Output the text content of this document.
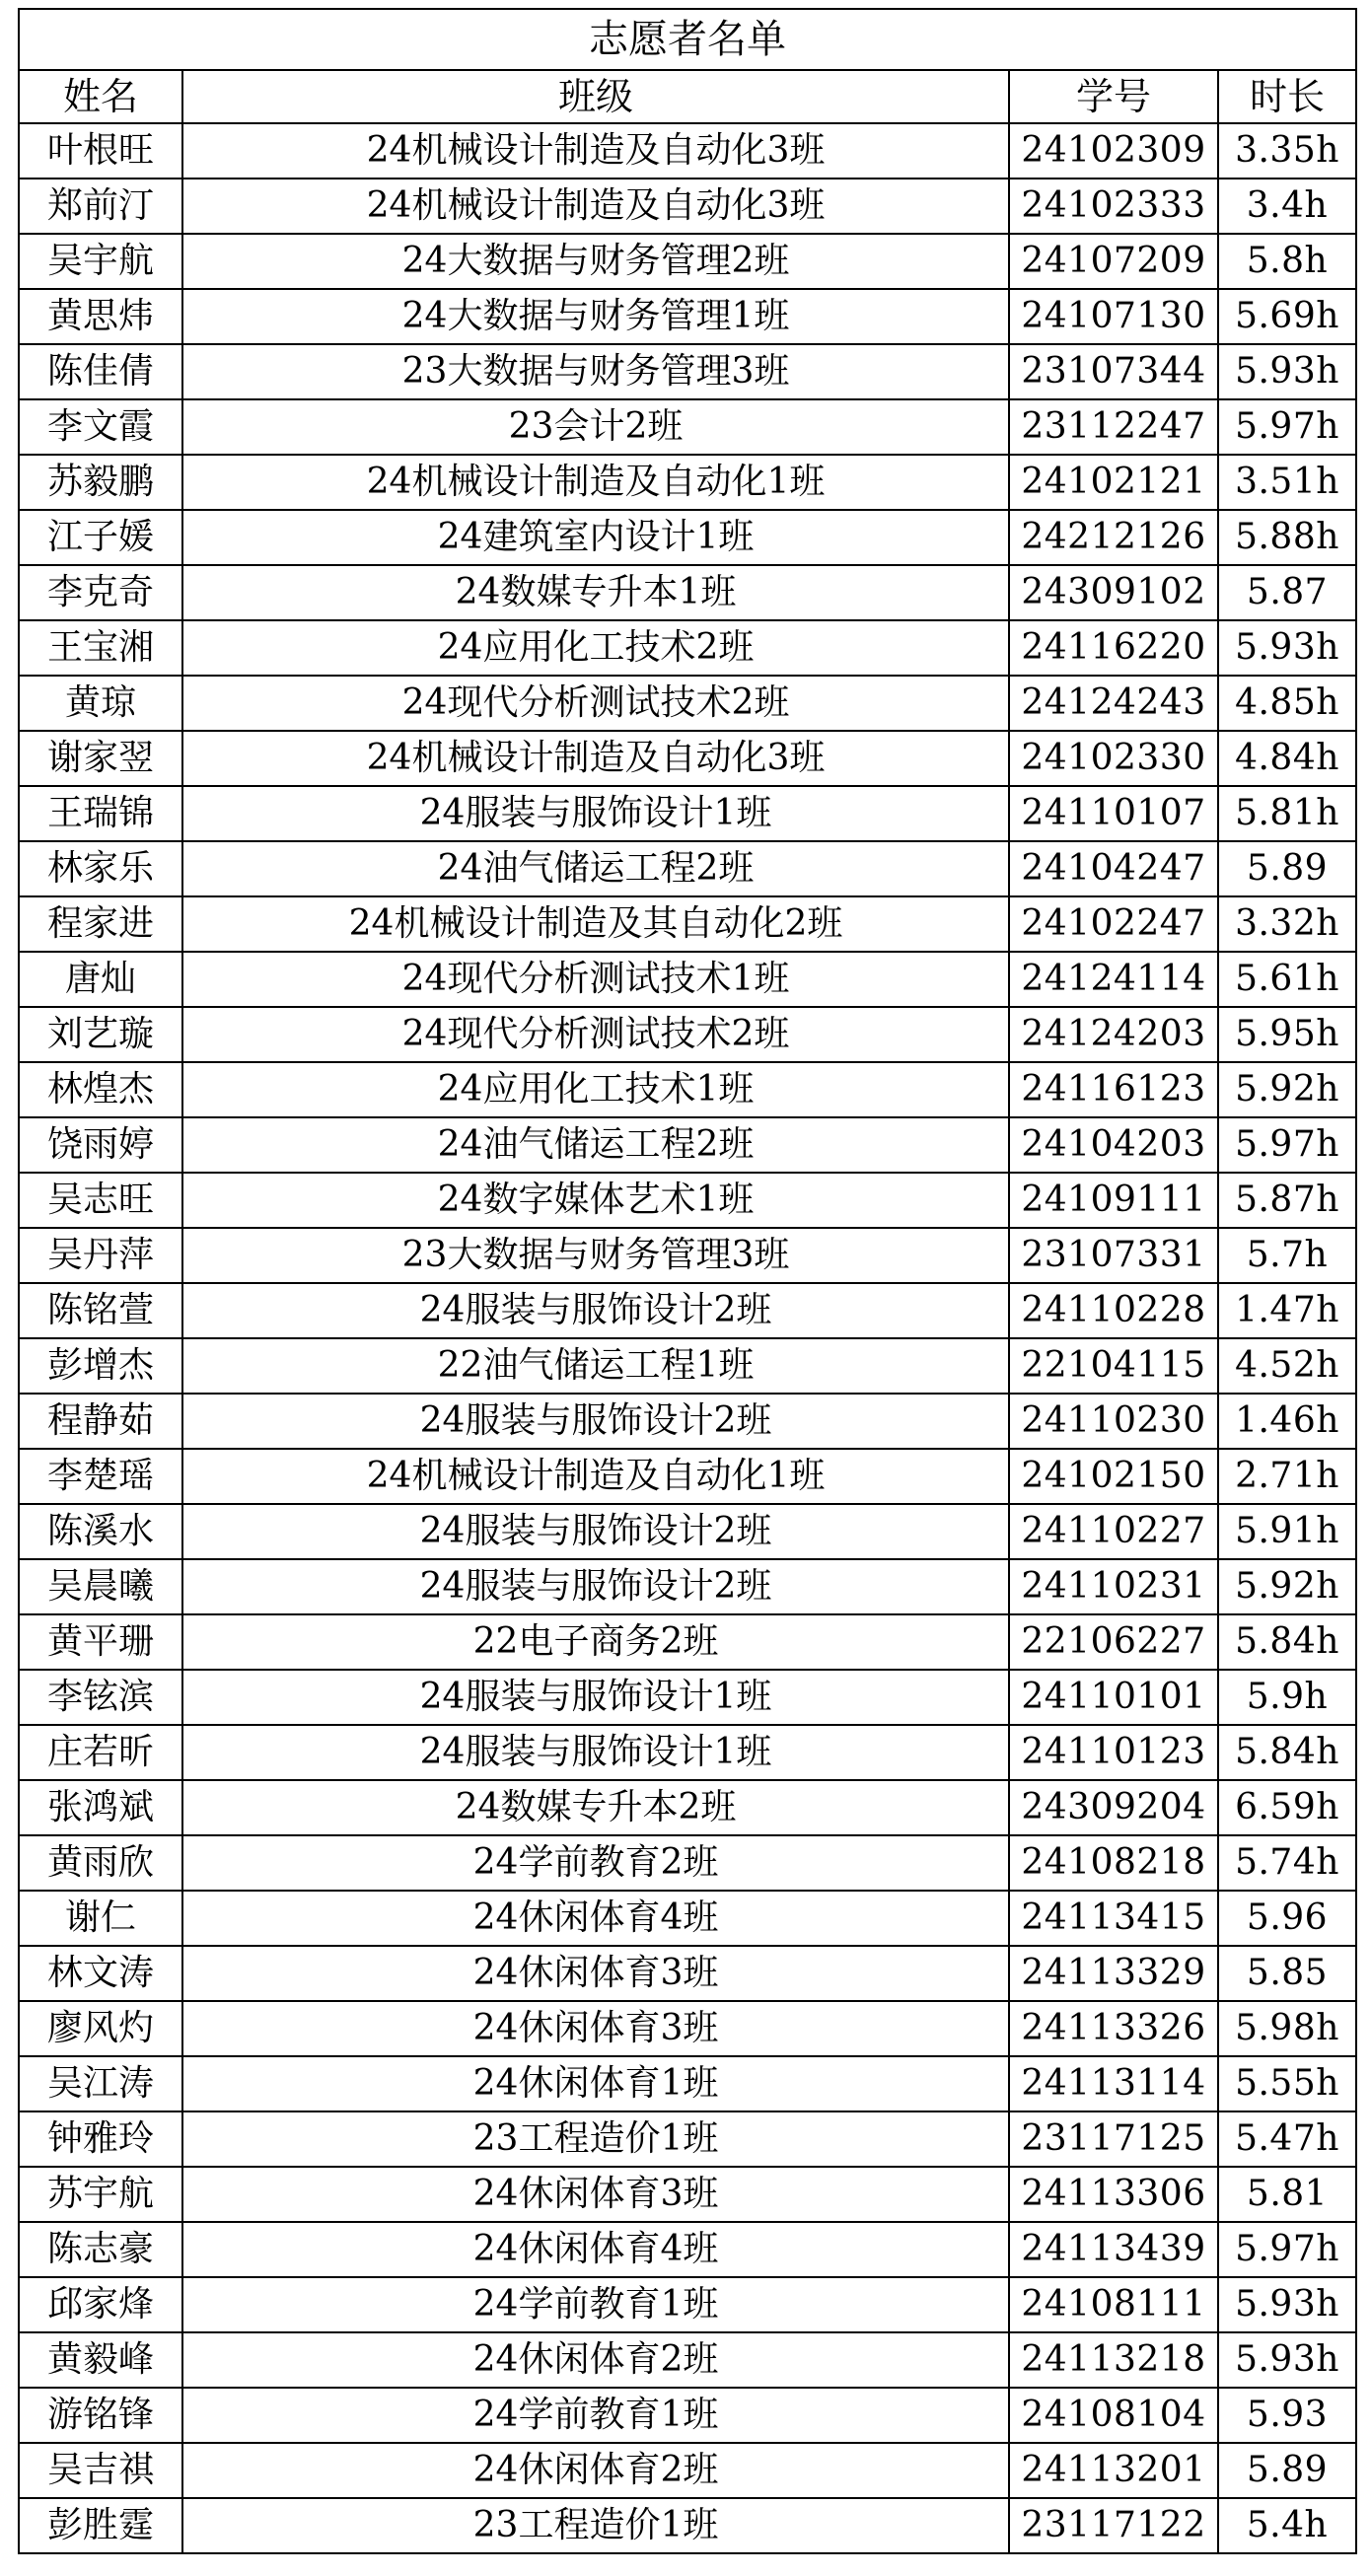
志愿者名单			
姓名	班级	学号	时长
叶根旺	24机械设计制造及自动化3班	24102309	3.35h
郑前汀	24机械设计制造及自动化3班	24102333	3.4h
吴宇航	24大数据与财务管理2班	24107209	5.8h
黄思炜	24大数据与财务管理1班	24107130	5.69h
陈佳倩	23大数据与财务管理3班	23107344	5.93h
李文霞	23会计2班	23112247	5.97h
苏毅鹏	24机械设计制造及自动化1班	24102121	3.51h
江子媛	24建筑室内设计1班	24212126	5.88h
李克奇	24数媒专升本1班	24309102	5.87
王宝湘	24应用化工技术2班	24116220	5.93h
黄琼	24现代分析测试技术2班	24124243	4.85h
谢家翌	24机械设计制造及自动化3班	24102330	4.84h
王瑞锦	24服装与服饰设计1班	24110107	5.81h
林家乐	24油气储运工程2班	24104247	5.89
程家进	24机械设计制造及其自动化2班	24102247	3.32h
唐灿	24现代分析测试技术1班	24124114	5.61h
刘艺璇	24现代分析测试技术2班	24124203	5.95h
林煌杰	24应用化工技术1班	24116123	5.92h
饶雨婷	24油气储运工程2班	24104203	5.97h
吴志旺	24数字媒体艺术1班	24109111	5.87h
吴丹萍	23大数据与财务管理3班	23107331	5.7h
陈铭萱	24服装与服饰设计2班	24110228	1.47h
彭增杰	22油气储运工程1班	22104115	4.52h
程静茹	24服装与服饰设计2班	24110230	1.46h
李楚瑶	24机械设计制造及自动化1班	24102150	2.71h
陈溪水	24服装与服饰设计2班	24110227	5.91h
吴晨曦	24服装与服饰设计2班	24110231	5.92h
黄平珊	22电子商务2班	22106227	5.84h
李铉滨	24服装与服饰设计1班	24110101	5.9h
庄若昕	24服装与服饰设计1班	24110123	5.84h
张鸿斌	24数媒专升本2班	24309204	6.59h
黄雨欣	24学前教育2班	24108218	5.74h
谢仁	24休闲体育4班	24113415	5.96
林文涛	24休闲体育3班	24113329	5.85
廖风灼	24休闲体育3班	24113326	5.98h
吴江涛	24休闲体育1班	24113114	5.55h
钟雅玲	23工程造价1班	23117125	5.47h
苏宇航	24休闲体育3班	24113306	5.81
陈志豪	24休闲体育4班	24113439	5.97h
邱家烽	24学前教育1班	24108111	5.93h
黄毅峰	24休闲体育2班	24113218	5.93h
游铭锋	24学前教育1班	24108104	5.93
吴吉祺	24休闲体育2班	24113201	5.89
彭胜霆	23工程造价1班	23117122	5.4h
